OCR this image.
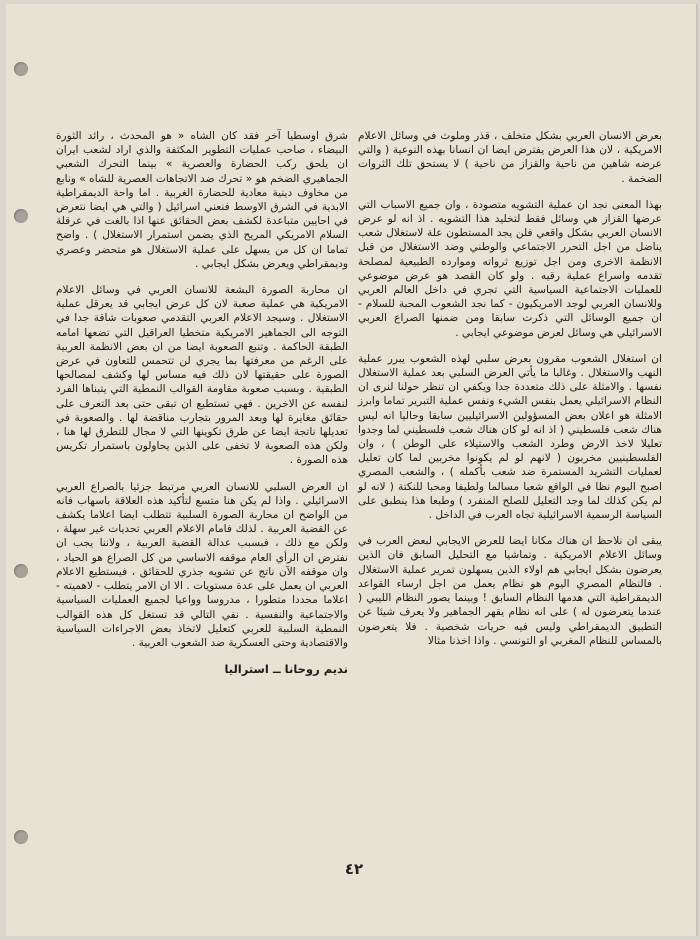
بعرض الانسان العربي بشكل متخلف ، قذر وملوث في وسائل الاعلام الامريكية ، لان هذا العرض يفترض ايضا ان انسانا بهذه النوعية ( والتي عرضه شاهين من ناحية والقزاز من ناحية ) لا يستحق تلك الثروات الضخمة .

بهذا المعنى نجد ان عملية التشويه متصودة ، وان جميع الاسباب التي عرضها القزاز هي وسائل فقط لتخليد هذا التشويه . اذ انه لو عرض الانسان العربي بشكل واقعي فلن يجد المستطون علة لاستغلال شعب يناضل من اجل التحرر الاجتماعي والوطني وضد الاستغلال من قبل الانظمة الاخرى ومن اجل توزيع ثرواته وموارده الطبيعية لمصلحة تقدمه واسراع عملية رقيه . ولو كان القصد هو عرض موضوعي للعمليات الاجتماعية السياسية التي تجري في داخل العالم العربي وللانسان العربي لوجد الامريكيون - كما نجد الشعوب المحبة للسلام - ان جميع الوسائل التي ذكرت سابقا ومن ضمنها الصراع العربي الاسرائيلي هي وسائل لعرض موضوعي ايجابي .

ان استغلال الشعوب مقرون بعرض سلبي لهذه الشعوب يبرر عملية النهب والاستغلال . وغالبا ما يأتي العرض السلبي بعد عملية الاستغلال نفسها . والامثلة على ذلك متعددة جدا ويكفي ان تنظر حولنا لنرى ان النظام الاسرائيلي يعمل بنفس الشيء ونفس عملية التبرير تماما وابرز الامثلة هو اعلان بعض المسؤولين الاسرائيليين سابقا وحاليا انه ليس هناك شعب فلسطيني ( اذ انه لو كان هناك شعب فلسطيني لما وجدوا تعليلا لاخذ الارض وطرد الشعب والاستيلاء على الوطن ) ، وان الفلسطينيين مخربون ( لانهم لو لم يكونوا مخربين لما كان تعليل لعمليات التشريد المستمرة ضد شعب بأكمله ) ، والشعب المصري اصبح اليوم نظا في الواقع شعبا مسالما ولطيفا ومحبا للنكتة ( لانه لو لم يكن كذلك لما وجد التعليل للصلح المنفرد ) وطبعا هذا ينطبق على السياسة الرسمية الاسرائيلية تجاه العرب في الداخل .

يبقى ان نلاحظ ان هناك مكانا ايضا للعرض الايجابي لبعض العرب في وسائل الاعلام الامريكية . وتماشيا مع التحليل السابق فان الذين يعرضون بشكل ايجابي هم اولاء الذين يسهلون تمرير عملية الاستغلال . فالنظام المصري اليوم هو نظام يعمل من اجل ارساء القواعد الديمقراطية التي هدمها النظام السابق ! وبينما يصور النظام الليبي ( عندما يتعرضون له ) على انه نظام يقهر الجماهير ولا يعرف شيئا عن التطبيق الديمقراطي وليس فيه حريات شخصية . فلا يتعرضون بالمساس للنظام المغربي او التونسي . واذا اخذنا مثالا

شرق اوسطيا آخر فقد كان الشاه « هو المحدث ، رائد الثورة البيضاء ، صاحب عمليات التطوير المكثفة والذي اراد لشعب ايران ان يلحق ركب الحضارة والعصرية » بينما التحرك الشعبي الجماهيري الضخم هو « تحرك ضد الاتجاهات العصرية للشاه » ونابع من مخاوف دينية معادية للحضارة الغربية . اما واحة الديمقراطية الابدية في الشرق الاوسط فنعني اسرائيل ( والتي هي ايضا نتعرض في احايين متباعدة لكشف بعض الحقائق عنها اذا بالغت في عرقلة السلام الامريكي المريح الذي يضمن استمرار الاستغلال ) . واضح تماما ان كل من يسهل على عملية الاستغلال هو متحضر وعصري وديمقراطي ويعرض بشكل ايجابي .

ان محاربة الصورة البشعة للانسان العربي في وسائل الاعلام الامريكية هي عملية صعبة لان كل عرض ايجابي قد يعرقل عملية الاستغلال . وسيجد الاعلام العربي التقدمي صعوبات شاقة جدا في التوجه الى الجماهير الامريكية متخطيا العراقيل التي تضعها امامه الطبقة الحاكمة . وتنبع الصعوبة ايضا من ان بعض الانظمة العربية على الرغم من معرفتها بما يجري لن تتحمس للتعاون في عرض الصورة على حقيقتها لان ذلك فيه مساس لها وكشف لمصالحها الطبقية . وبسبب صعوبة مقاومة القوالب النمطية التي يتبناها الفرد لنفسه عن الاخرين . فهي تستطيع ان تبقى حتى بعد التعرف على حقائق مغايرة لها وبعد المرور بتجارب مناقضة لها . والصعوبة في تعديلها ناتجة ايضا عن طرق تكوينها التي لا مجال للتطرق لها هنا ، ولكن هذه الصعوبة لا تخفى على الذين يحاولون باستمرار تكريس هذه الصورة .

ان العرض السلبي للانسان العربي مرتبط جزئيا بالصراع العربي الاسرائيلي . واذا لم يكن هنا متسع لتأكيد هذه العلاقة باسهاب فانه من الواضح ان محاربة الصورة السلبية تتطلب ايضا اعلاما يكشف عن القضية العربية . لذلك فامام الاعلام العربي تحديات غير سهلة ، ولكن مع ذلك ، فبسبب عدالة القضية العربية ، ولاننا يجب ان نفترض ان الرأي العام موقفه الاساسي من كل الصراع هو الحياد ، وان موقفه الآن ناتج عن تشويه جذري للحقائق ، فيستطيع الاعلام العربي ان يعمل على عدة مستويات . الا ان الامر يتطلب - لاهميته - اعلاما محددا متطورا ، مدروسا وواعيا لجميع العمليات السياسية والاجتماعية والنفسية . نفي التالي قد تستغل كل هذه القوالب النمطية السلبية للعربي كتعليل لاتخاذ بعض الاجراءات السياسية والاقتصادية وحتى العسكرية ضد الشعوب العربية .

نديم روحانا ــ استراليا
٤٢
